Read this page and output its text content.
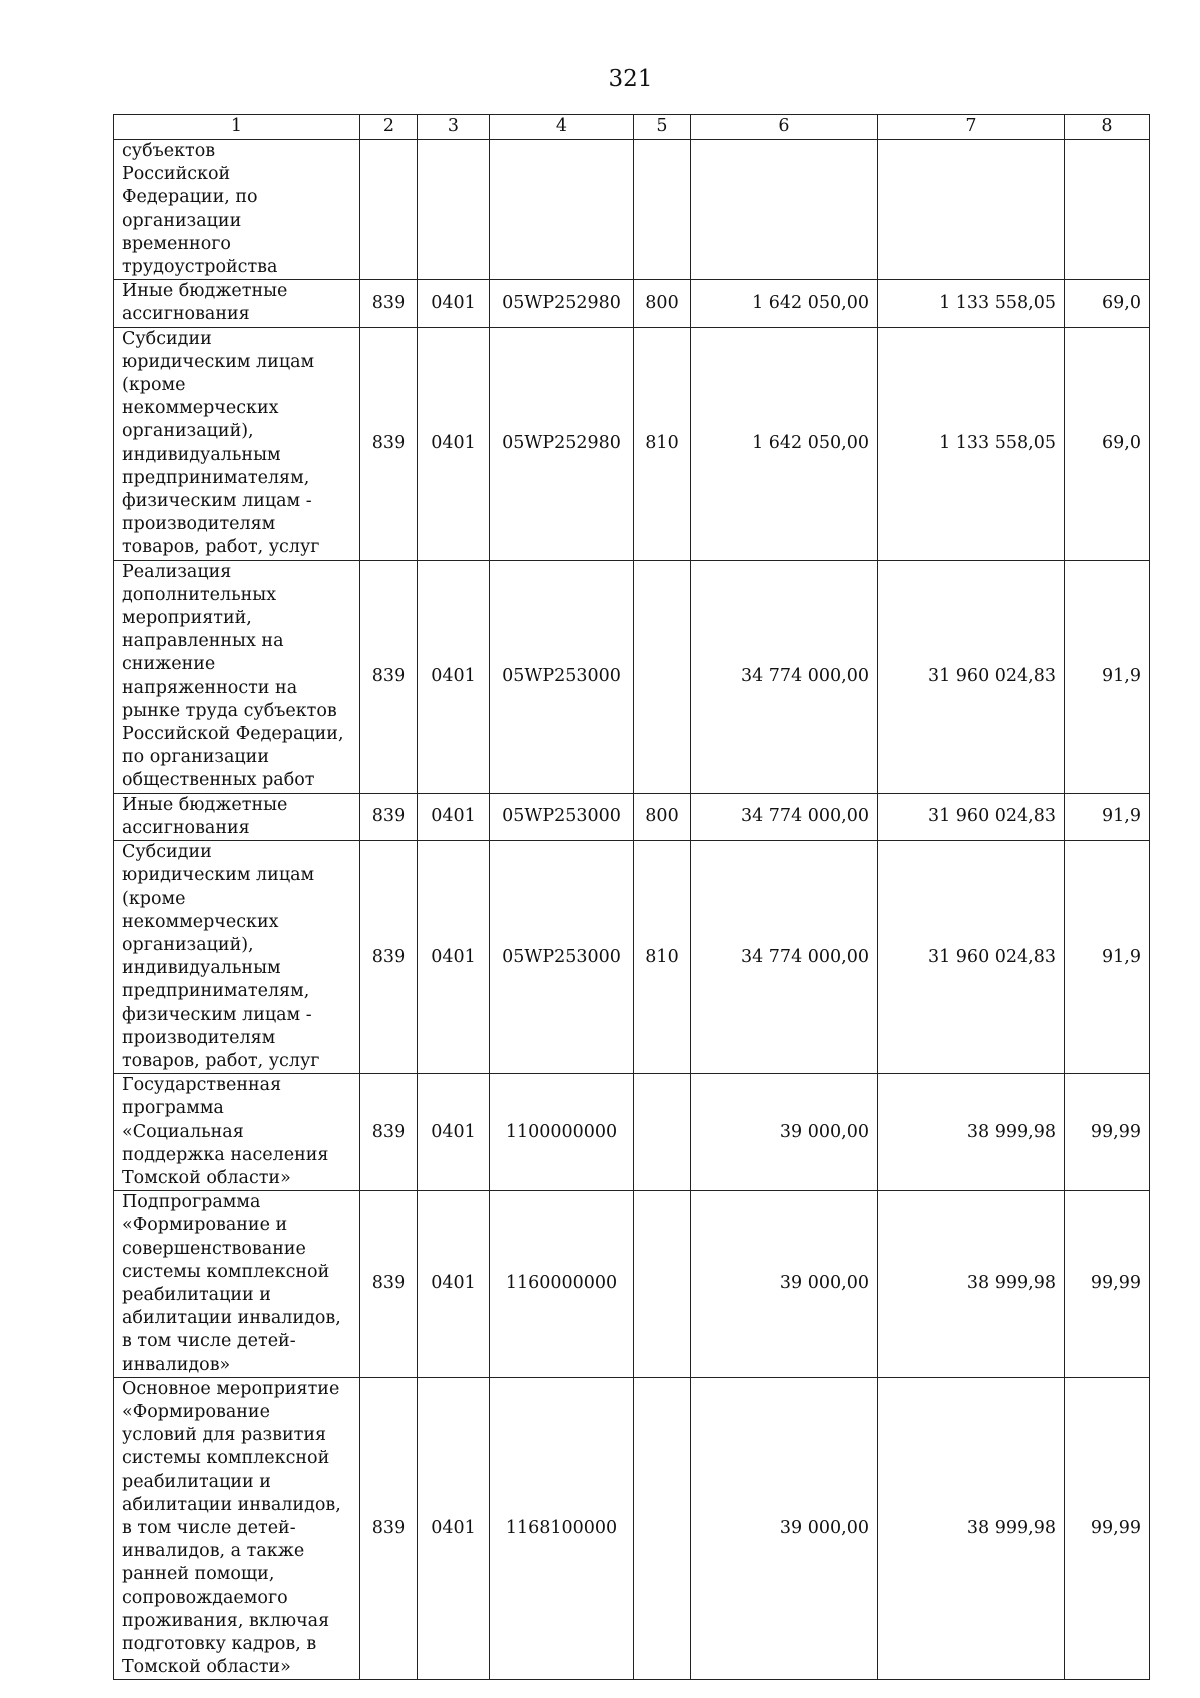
321
1	2	3	4	5	6	7	8

субъектов Российской Федерации, по организации временного трудоустройства							

Иные бюджетные ассигнования	839	0401	05WP252980	800	1 642 050,00	1 133 558,05	69,0

Субсидии юридическим лицам (кроме некоммерческих организаций), индивидуальным предпринимателям, физическим лицам - производителям товаров, работ, услуг	839	0401	05WP252980	810	1 642 050,00	1 133 558,05	69,0

Реализация дополнительных мероприятий, направленных на снижение напряженности на рынке труда субъектов Российской Федерации, по организации общественных работ	839	0401	05WP253000		34 774 000,00	31 960 024,83	91,9

Иные бюджетные ассигнования	839	0401	05WP253000	800	34 774 000,00	31 960 024,83	91,9

Субсидии юридическим лицам (кроме некоммерческих организаций), индивидуальным предпринимателям, физическим лицам - производителям товаров, работ, услуг	839	0401	05WP253000	810	34 774 000,00	31 960 024,83	91,9

Государственная программа «Социальная поддержка населения Томской области»	839	0401	1100000000		39 000,00	38 999,98	99,99

Подпрограмма «Формирование и совершенствование системы комплексной реабилитации и абилитации инвалидов, в том числе детей-инвалидов»	839	0401	1160000000		39 000,00	38 999,98	99,99

Основное мероприятие «Формирование условий для развития системы комплексной реабилитации и абилитации инвалидов, в том числе детей-инвалидов, а также ранней помощи, сопровождаемого проживания, включая подготовку кадров, в Томской области»	839	0401	1168100000		39 000,00	38 999,98	99,99
